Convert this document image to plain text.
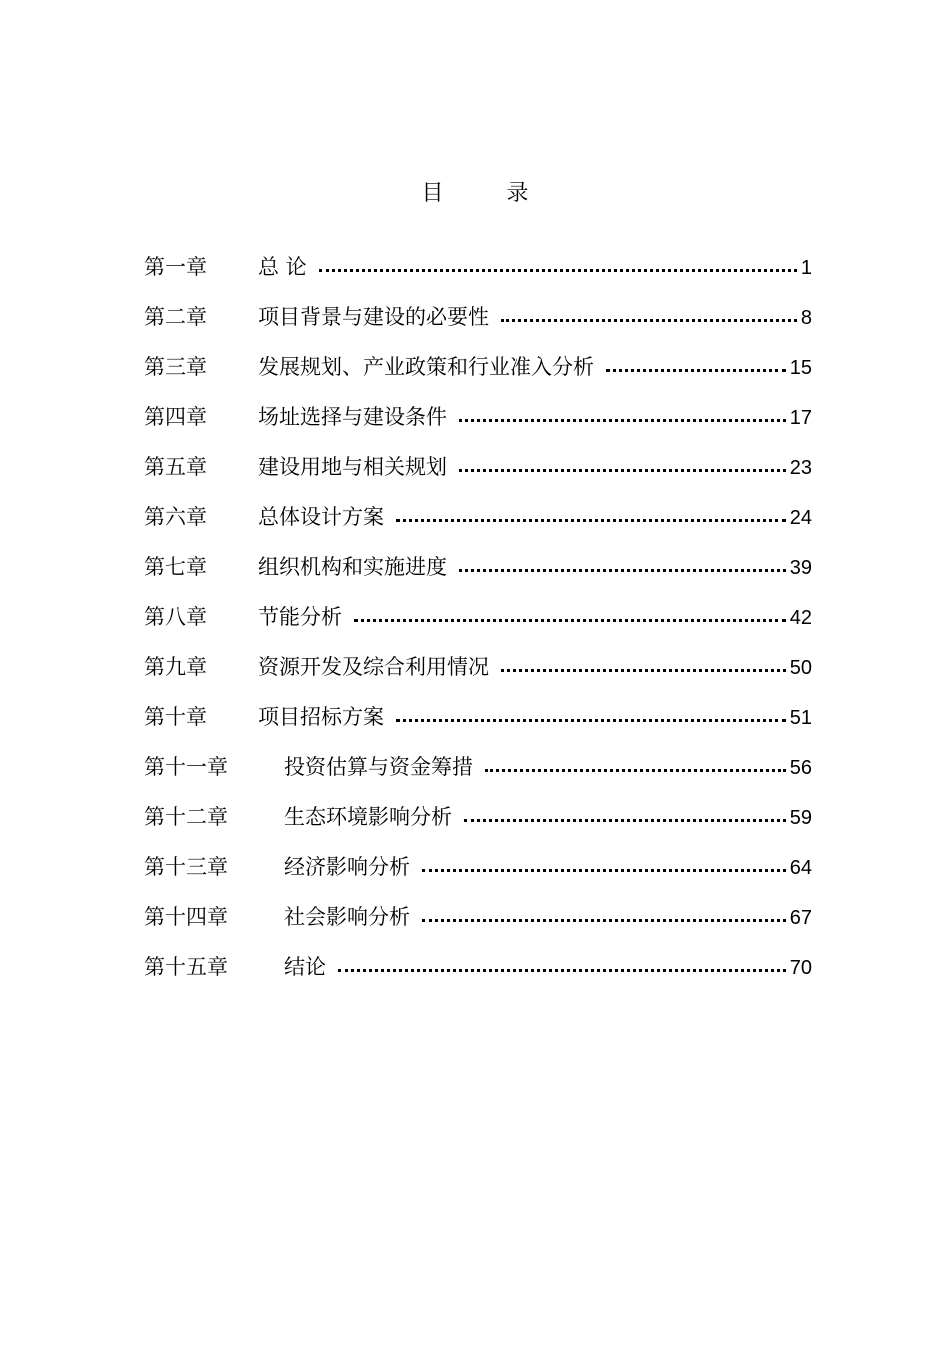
目 录
第一章	总 论	1
第二章	项目背景与建设的必要性	8
第三章	发展规划、产业政策和行业准入分析	15
第四章	场址选择与建设条件	17
第五章	建设用地与相关规划	23
第六章	总体设计方案	24
第七章	组织机构和实施进度	39
第八章	节能分析	42
第九章	资源开发及综合利用情况	50
第十章	项目招标方案	51
第十一章	投资估算与资金筹措	56
第十二章	生态环境影响分析	59
第十三章	经济影响分析	64
第十四章	社会影响分析	67
第十五章	结论	70
